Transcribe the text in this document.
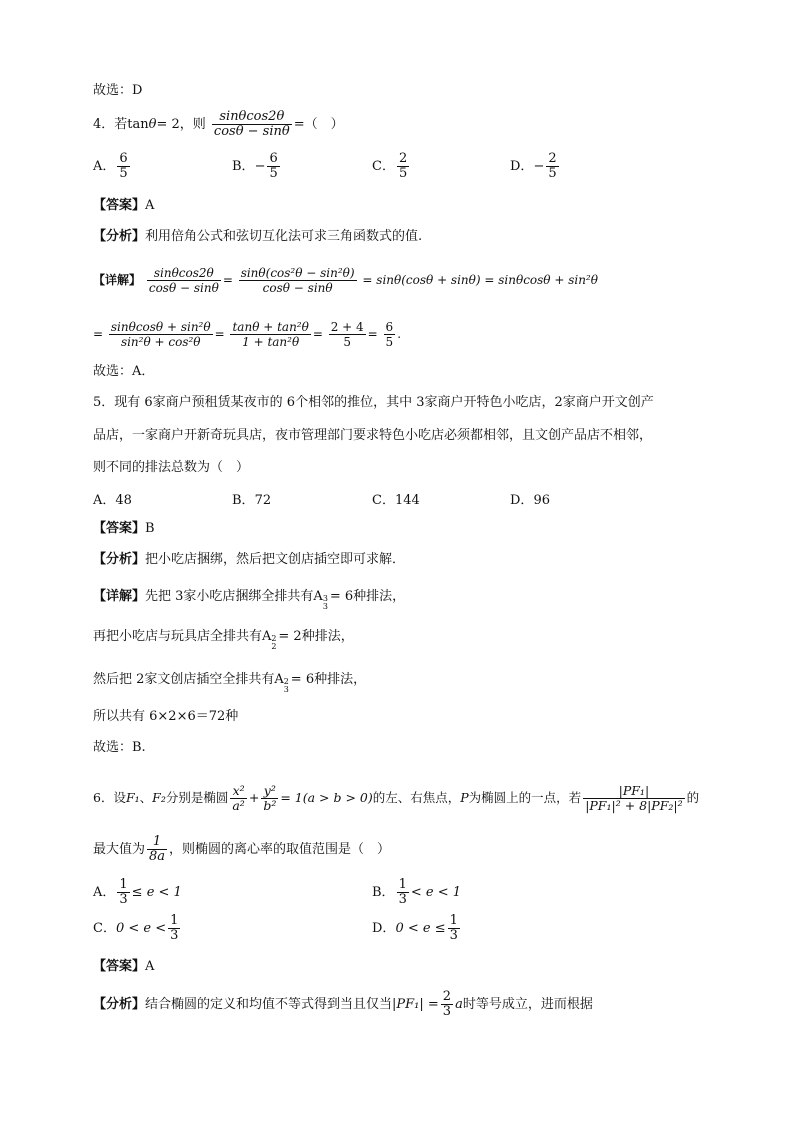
故选：D
4．若tanθ= 2，则 $\frac{\sin\theta\cos 2\theta}{\cos\theta - \sin\theta}$ =（　）
A． $\frac{6}{5}$	B．− $\frac{6}{5}$	C． $\frac{2}{5}$	D．− $\frac{2}{5}$
【答案】A
【分析】利用倍角公式和弦切互化法可求三角函数式的值.
【详解】 $\frac{\sin\theta\cos 2\theta}{\cos\theta - \sin\theta} = \frac{\text{sinθ(cos²θ − sin²θ)}}{\cos\theta - \sin\theta} = \sin\theta(\cos\theta + \sin\theta) = \sin\theta\cos\theta + \sin^2\theta$
= $\frac{\text{sinθcosθ + sin²θ}}{\text{sin²θ + cos²θ}} = \frac{\text{tanθ + tan²θ}}{\text{1 + tan²θ}} = \frac{2 + 4}{5} = \frac{6}{5}$ .
故选：A．
5．现有 6家商户预租赁某夜市的 6个相邻的推位，其中 3家商户开特色小吃店，2家商户开文创产
品店，一家商户开新奇玩具店，夜市管理部门要求特色小吃店必须都相邻，且文创产品店不相邻，
则不同的排法总数为（　）
A．48	B．72	C．144	D．96
【答案】B
【分析】把小吃店捆绑，然后把文创店插空即可求解．
【详解】先把 3家小吃店捆绑全排共有A 3
3
= 6种排法，
再把小吃店与玩具店全排共有A 2
2
= 2种排法，
然后把 2家文创店插空全排共有A 2
3
= 6种排法，
所以共有 6×2×6＝72种
故选：B.
6．设F₁、F₂分别是椭圆 $\frac{\text{x²}}{\text{a²}} + \frac{\text{y²}}{\text{b²}} = 1(a > b > 0)$的左、右焦点，P为椭圆上的一点，若 $\frac{\text{|PF₁|}}{\text{|PF₁|² + 8|PF₂|²}}$ 的
最大值为 $\frac{1}{8a}$ ，则椭圆的离心率的取值范围是（　）
A． $\frac{1}{3} \le e < 1$	B． $\frac{1}{3} < e < 1$
C．$0 < e < \frac{1}{3}$	D．$0 < e \le \frac{1}{3}$
【答案】A
【分析】结合椭圆的定义和均值不等式得到当且仅当$|PF_1| = \frac{2}{3}$ a时等号成立，进而根据
